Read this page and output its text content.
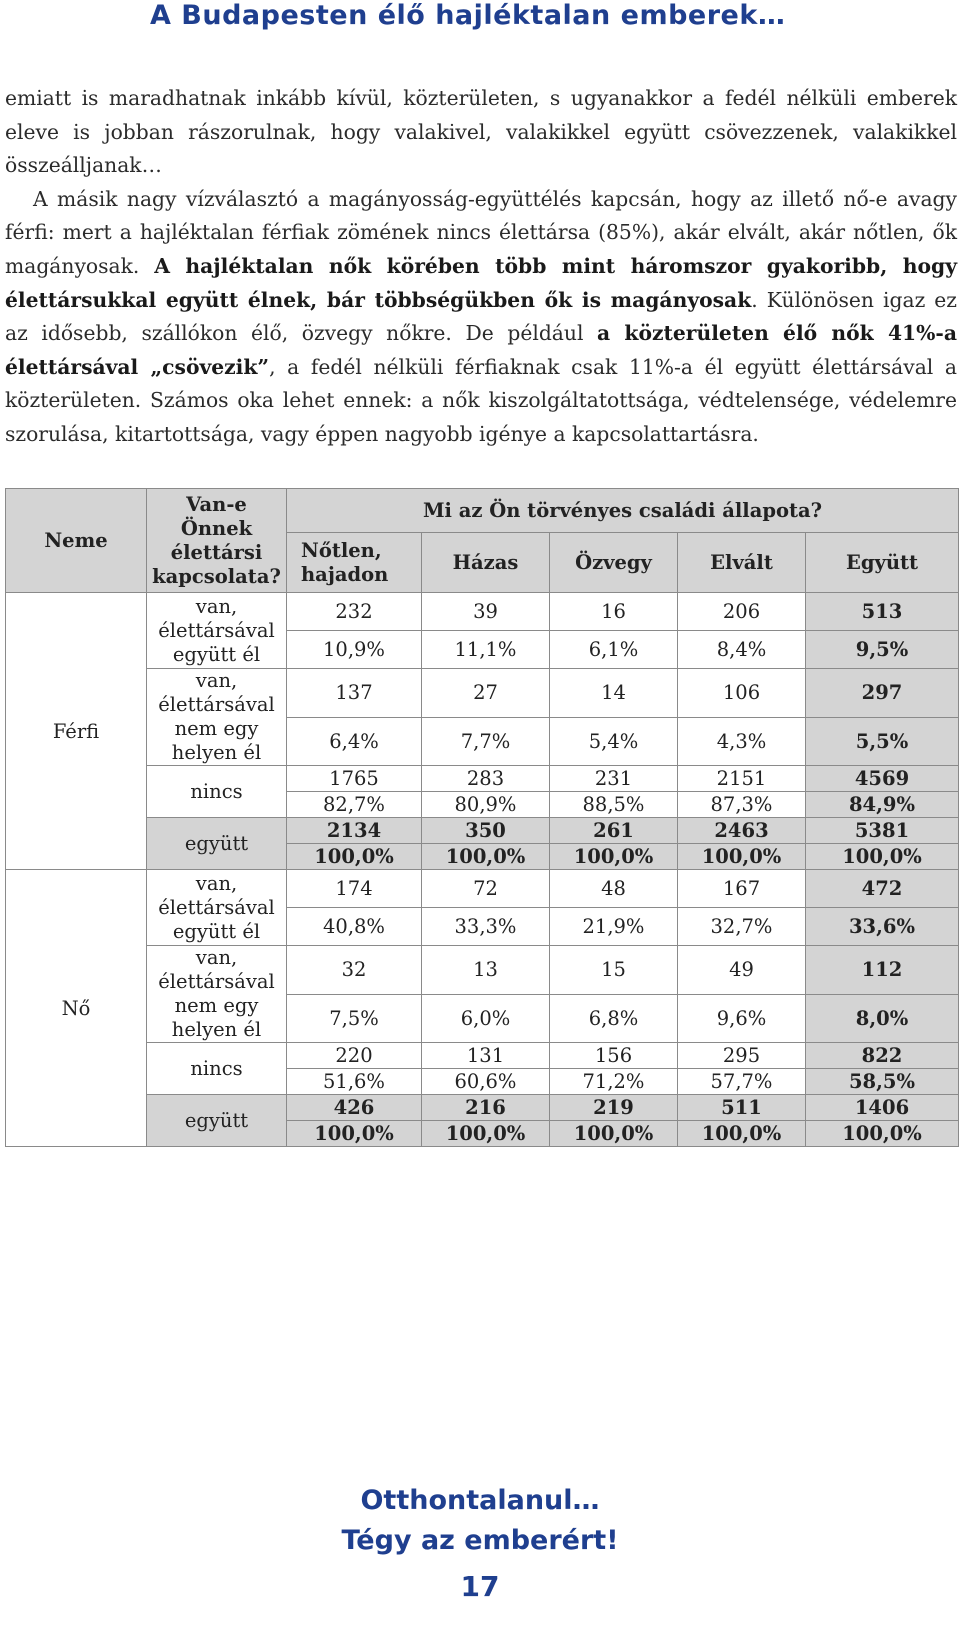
A Budapesten élő hajléktalan emberek…

emiatt is maradhatnak inkább kívül, közterületen, s ugyanakkor a fedél nélküli emberek eleve is jobban rászorulnak, hogy valakivel, valakikkel együtt csövezzenek, valakikkel összeálljanak…

A másik nagy vízválasztó a magányosság-együttélés kapcsán, hogy az illető nő-e avagy férfi: mert a hajléktalan férfiak zömének nincs élettársa (85%), akár elvált, akár nőtlen, ők magányosak. A hajléktalan nők körében több mint háromszor gyakoribb, hogy élettársukkal együtt élnek, bár többségükben ők is magányosak. Különösen igaz ez az idősebb, szállókon élő, özvegy nőkre. De például a közterületen élő nők 41%-a élettársával „csövezik”, a fedél nélküli férfiaknak csak 11%-a él együtt élettársával a közterületen. Számos oka lehet ennek: a nők kiszolgáltatottsága, védtelensége, védelemre szorulása, kitartottsága, vagy éppen nagyobb igénye a kapcsolattartásra.

Neme	Van-e Önnek élettársi kapcsolata?	Mi az Ön törvényes családi állapota?				
		Nőtlen, hajadon	Házas	Özvegy	Elvált	Együtt
Férfi	van, élettársával együtt él	232	39	16	206	513
		10,9%	11,1%	6,1%	8,4%	9,5%
	van, élettársával nem egy helyen él	137	27	14	106	297
		6,4%	7,7%	5,4%	4,3%	5,5%
	nincs	1765	283	231	2151	4569
		82,7%	80,9%	88,5%	87,3%	84,9%
	együtt	2134	350	261	2463	5381
		100,0%	100,0%	100,0%	100,0%	100,0%
Nő	van, élettársával együtt él	174	72	48	167	472
		40,8%	33,3%	21,9%	32,7%	33,6%
	van, élettársával nem egy helyen él	32	13	15	49	112
		7,5%	6,0%	6,8%	9,6%	8,0%
	nincs	220	131	156	295	822
		51,6%	60,6%	71,2%	57,7%	58,5%
	együtt	426	216	219	511	1406
		100,0%	100,0%	100,0%	100,0%	100,0%
Otthontalanul…
Tégy az emberért!
17
